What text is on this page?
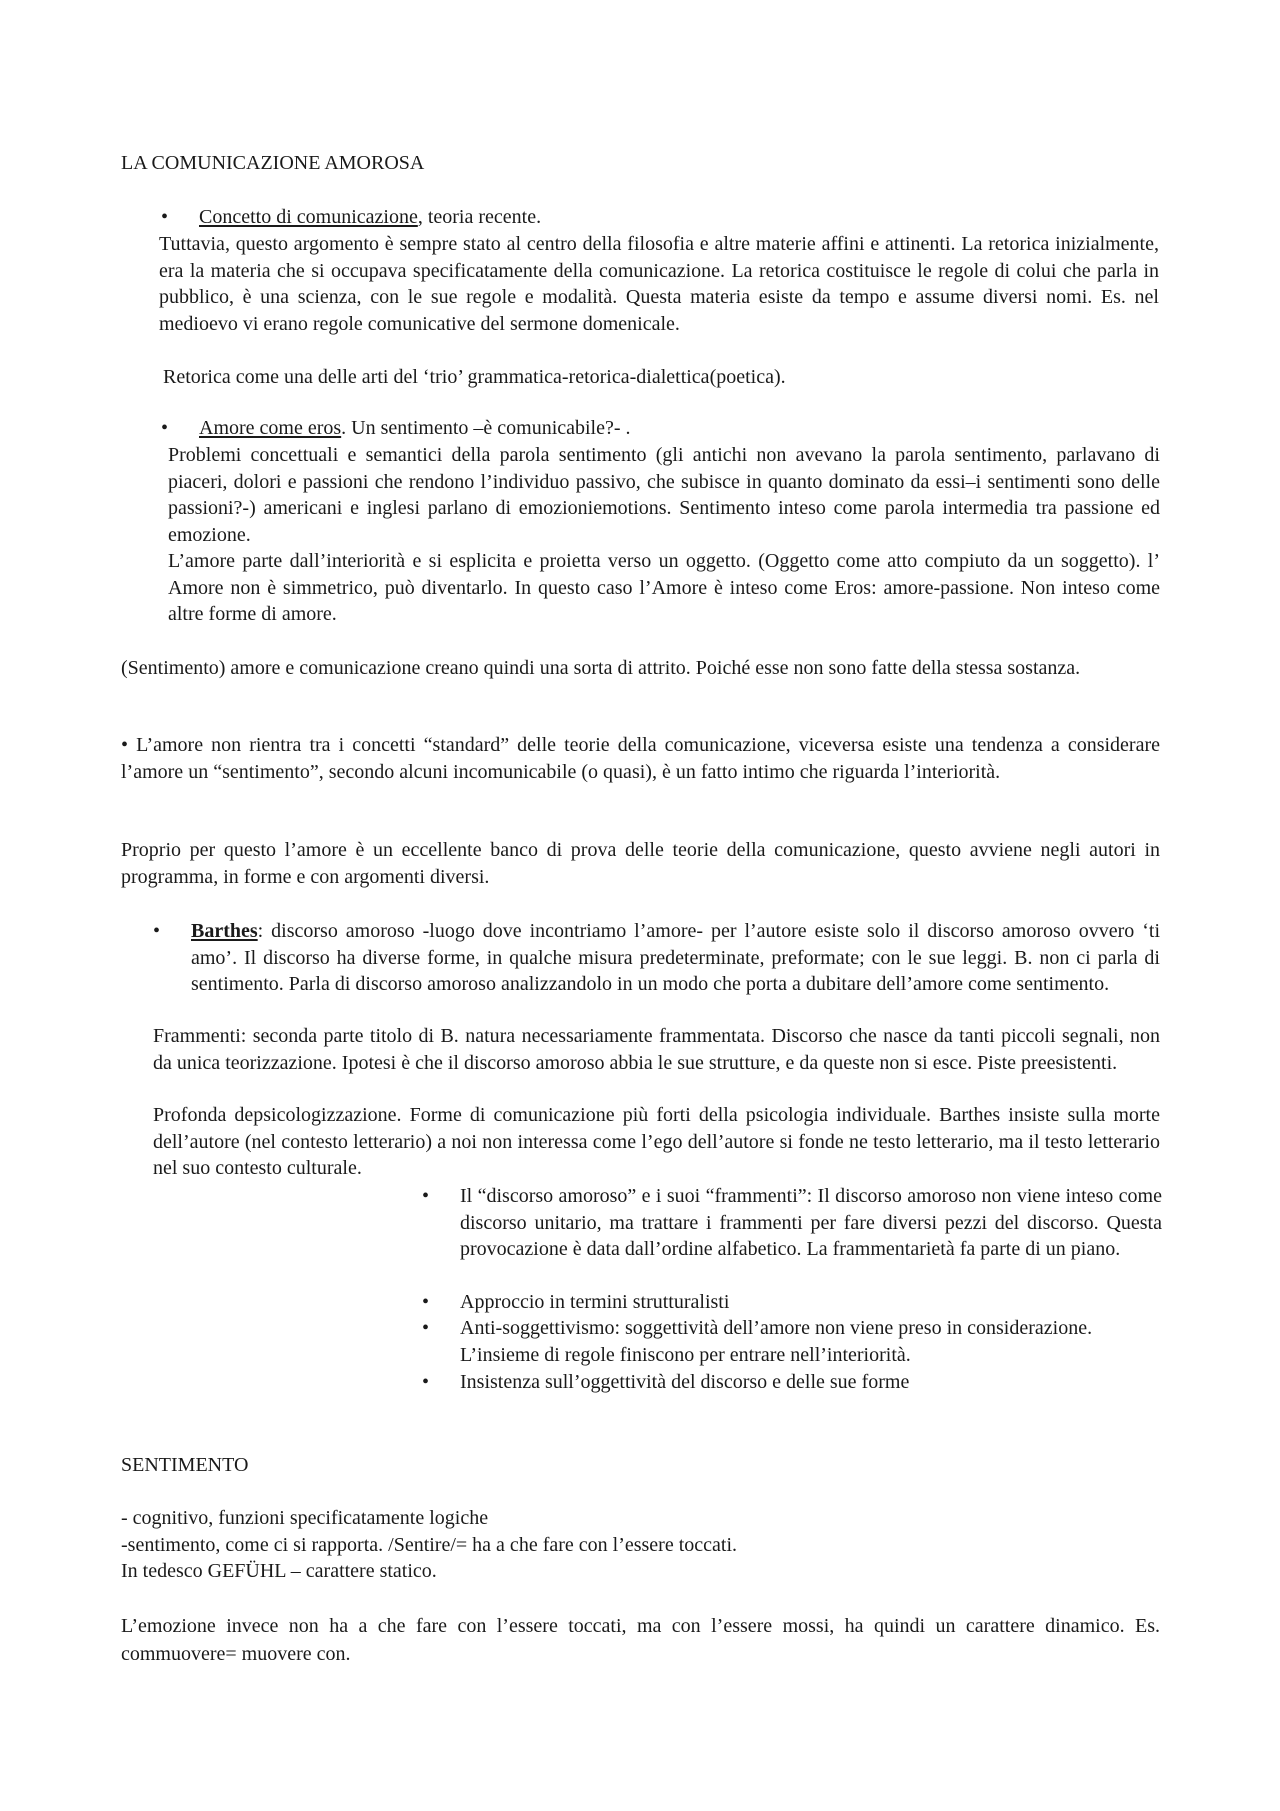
LA COMUNICAZIONE AMOROSA
• Concetto di comunicazione, teoria recente.

Tuttavia, questo argomento è sempre stato al centro della filosofia e altre materie affini e attinenti. La retorica inizialmente, era la materia che si occupava specificatamente della comunicazione. La retorica costituisce le regole di colui che parla in pubblico, è una scienza, con le sue regole e modalità. Questa materia esiste da tempo e assume diversi nomi. Es. nel medioevo vi erano regole comunicative del sermone domenicale.

Retorica come una delle arti del ‘trio’ grammatica-retorica-dialettica(poetica).

• Amore come eros. Un sentimento –è comunicabile?- .

Problemi concettuali e semantici della parola sentimento (gli antichi non avevano la parola sentimento, parlavano di piaceri, dolori e passioni che rendono l’individuo passivo, che subisce in quanto dominato da essi–i sentimenti sono delle passioni?-) americani e inglesi parlano di emozioniemotions. Sentimento inteso come parola intermedia tra passione ed emozione.

L’amore parte dall’interiorità e si esplicita e proietta verso un oggetto. (Oggetto come atto compiuto da un soggetto). l’ Amore non è simmetrico, può diventarlo. In questo caso l’Amore è inteso come Eros: amore-passione. Non inteso come altre forme di amore.

(Sentimento) amore e comunicazione creano quindi una sorta di attrito. Poiché esse non sono fatte della stessa sostanza.

• L’amore non rientra tra i concetti “standard” delle teorie della comunicazione, viceversa esiste una tendenza a considerare l’amore un “sentimento”, secondo alcuni incomunicabile (o quasi), è un fatto intimo che riguarda l’interiorità.

Proprio per questo l’amore è un eccellente banco di prova delle teorie della comunicazione, questo avviene negli autori in programma, in forme e con argomenti diversi.

• Barthes: discorso amoroso -luogo dove incontriamo l’amore- per l’autore esiste solo il discorso amoroso ovvero ‘ti amo’. Il discorso ha diverse forme, in qualche misura predeterminate, preformate; con le sue leggi. B. non ci parla di sentimento. Parla di discorso amoroso analizzandolo in un modo che porta a dubitare dell’amore come sentimento.

Frammenti: seconda parte titolo di B. natura necessariamente frammentata. Discorso che nasce da tanti piccoli segnali, non da unica teorizzazione. Ipotesi è che il discorso amoroso abbia le sue strutture, e da queste non si esce. Piste preesistenti.

Profonda depsicologizzazione. Forme di comunicazione più forti della psicologia individuale. Barthes insiste sulla morte dell’autore (nel contesto letterario) a noi non interessa come l’ego dell’autore si fonde ne testo letterario, ma il testo letterario nel suo contesto culturale.

• Il “discorso amoroso” e i suoi “frammenti”: Il discorso amoroso non viene inteso come discorso unitario, ma trattare i frammenti per fare diversi pezzi del discorso. Questa provocazione è data dall’ordine alfabetico. La frammentarietà fa parte di un piano.

• Approccio in termini strutturalisti

• Anti-soggettivismo: soggettività dell’amore non viene preso in considerazione. L’insieme di regole finiscono per entrare nell’interiorità.

• Insistenza sull’oggettività del discorso e delle sue forme

SENTIMENTO
- cognitivo, funzioni specificatamente logiche
-sentimento, come ci si rapporta. /Sentire/= ha a che fare con l’essere toccati.
In tedesco GEFÜHL – carattere statico.

L’emozione invece non ha a che fare con l’essere toccati, ma con l’essere mossi, ha quindi un carattere dinamico. Es. commuovere= muovere con.
